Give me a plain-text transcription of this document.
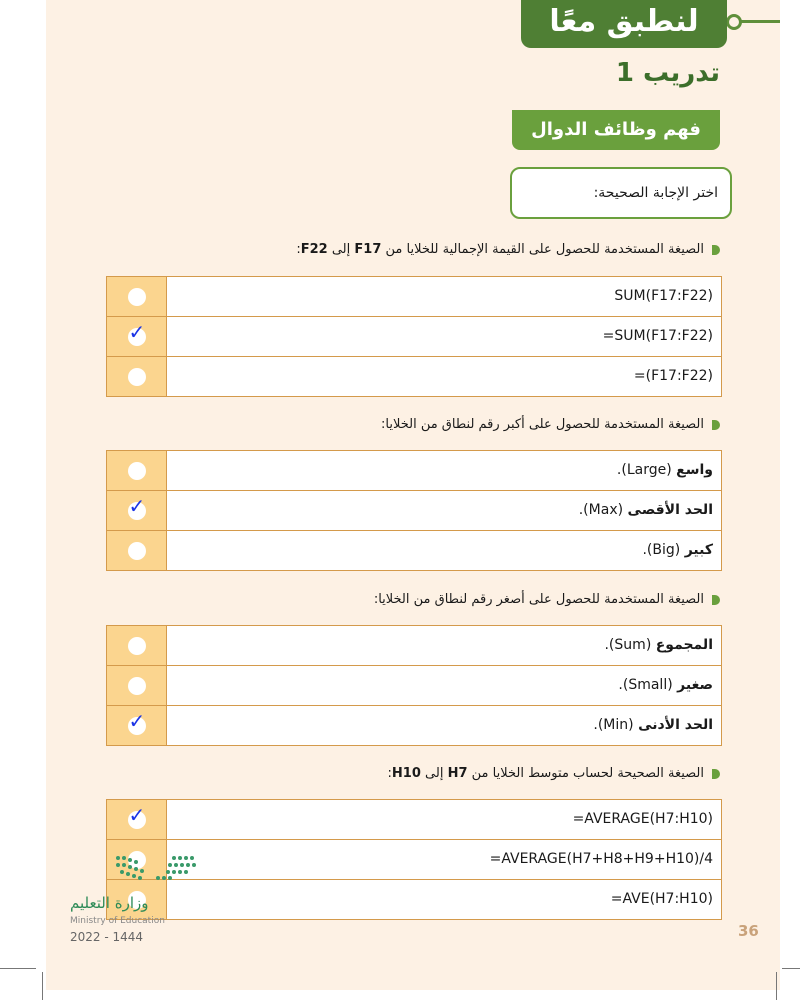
لنطبق معًا
تدريب 1
فهم وظائف الدوال
اختر الإجابة الصحيحة:
الصيغة المستخدمة للحصول على القيمة الإجمالية للخلايا من F17 إلى F22:
SUM(F17:F22)
✓	=SUM(F17:F22)
=(F17:F22)
الصيغة المستخدمة للحصول على أكبر رقم لنطاق من الخلايا:
واسع (Large).
✓	الحد الأقصى (Max).
كبير (Big).
الصيغة المستخدمة للحصول على أصغر رقم لنطاق من الخلايا:
المجموع (Sum).
صغير (Small).
✓	الحد الأدنى (Min).
الصيغة الصحيحة لحساب متوسط الخلايا من H7 إلى H10:
✓	=AVERAGE(H7:H10)
=AVERAGE(H7+H8+H9+H10)/4
=AVE(H7:H10)
وزارة التعليم
Ministry of Education
2022 - 1444	36
